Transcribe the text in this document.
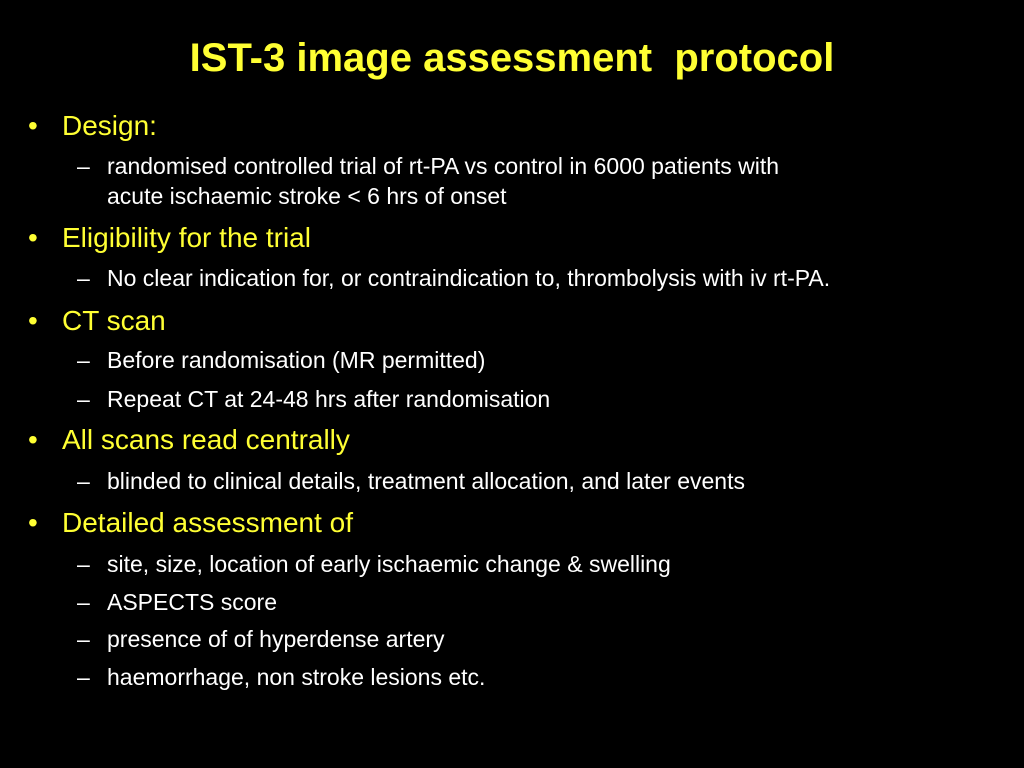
IST-3 image assessment  protocol
• Design:
– randomised controlled trial of rt-PA vs control in 6000 patients with
acute ischaemic stroke < 6 hrs of onset
• Eligibility for the trial
– No clear indication for, or contraindication to, thrombolysis with iv rt-PA.
• CT scan
– Before randomisation (MR permitted)
– Repeat CT at 24-48 hrs after randomisation
• All scans read centrally
– blinded to clinical details, treatment allocation, and later events
• Detailed assessment of
– site, size, location of early ischaemic change & swelling
– ASPECTS score
– presence of of hyperdense artery
– haemorrhage, non stroke lesions etc.
